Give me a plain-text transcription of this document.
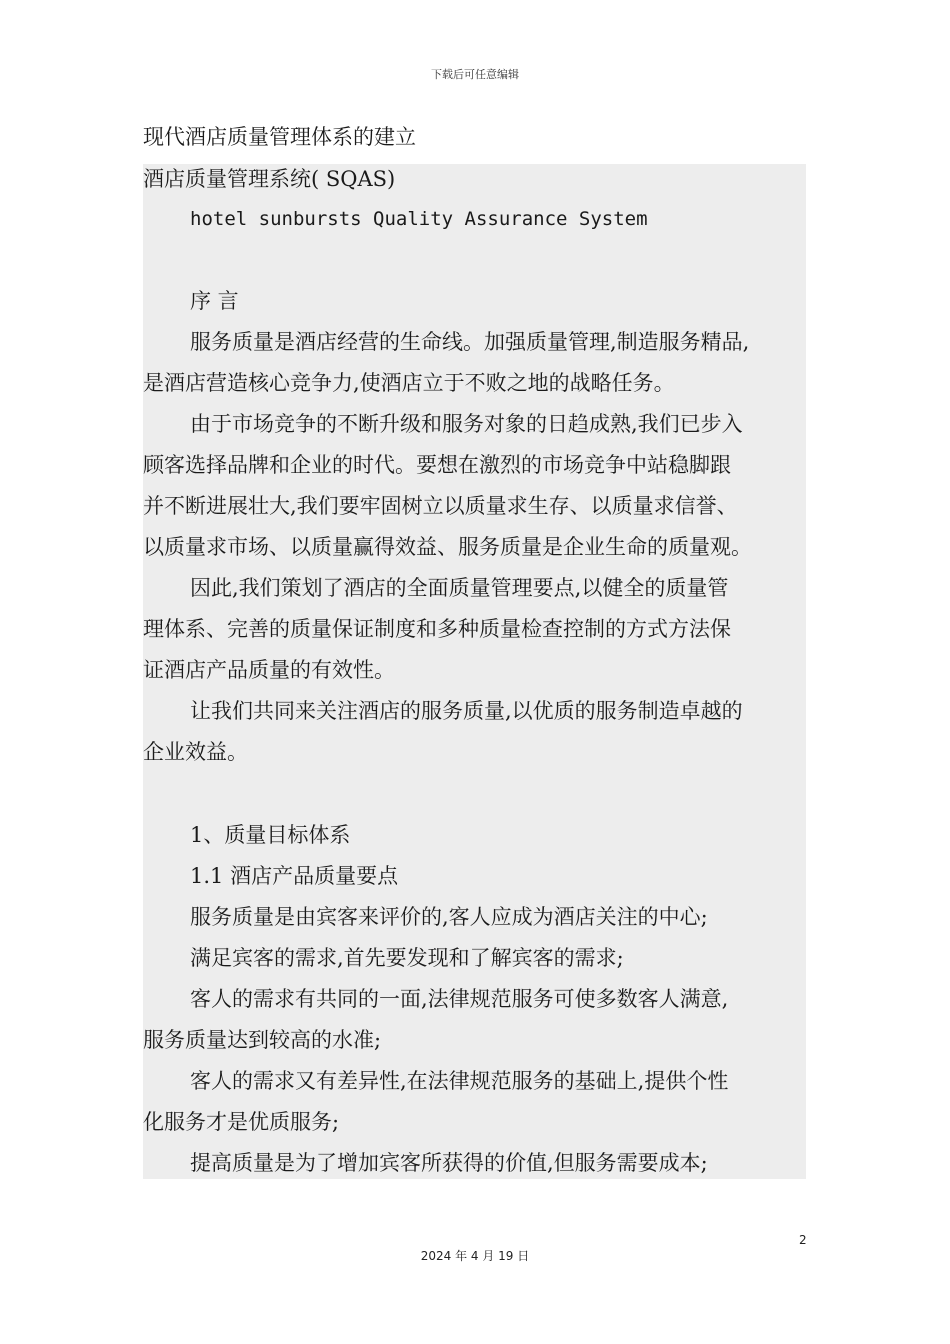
下载后可任意编辑
现代酒店质量管理体系的建立
酒店质量管理系统( SQAS)
hotel sunbursts Quality Assurance System
序 言
服务质量是酒店经营的生命线。加强质量管理,制造服务精品,
是酒店营造核心竞争力,使酒店立于不败之地的战略任务。
由于市场竞争的不断升级和服务对象的日趋成熟,我们已步入
顾客选择品牌和企业的时代。要想在激烈的市场竞争中站稳脚跟
并不断进展壮大,我们要牢固树立以质量求生存、以质量求信誉、
以质量求市场、以质量赢得效益、服务质量是企业生命的质量观。
因此,我们策划了酒店的全面质量管理要点,以健全的质量管
理体系、完善的质量保证制度和多种质量检查控制的方式方法保
证酒店产品质量的有效性。
让我们共同来关注酒店的服务质量,以优质的服务制造卓越的
企业效益。
1、质量目标体系
1.1 酒店产品质量要点
服务质量是由宾客来评价的,客人应成为酒店关注的中心;
满足宾客的需求,首先要发现和了解宾客的需求;
客人的需求有共同的一面,法律规范服务可使多数客人满意,
服务质量达到较高的水准;
客人的需求又有差异性,在法律规范服务的基础上,提供个性
化服务才是优质服务;
提高质量是为了增加宾客所获得的价值,但服务需要成本;
2
2024 年 4 月 19 日
